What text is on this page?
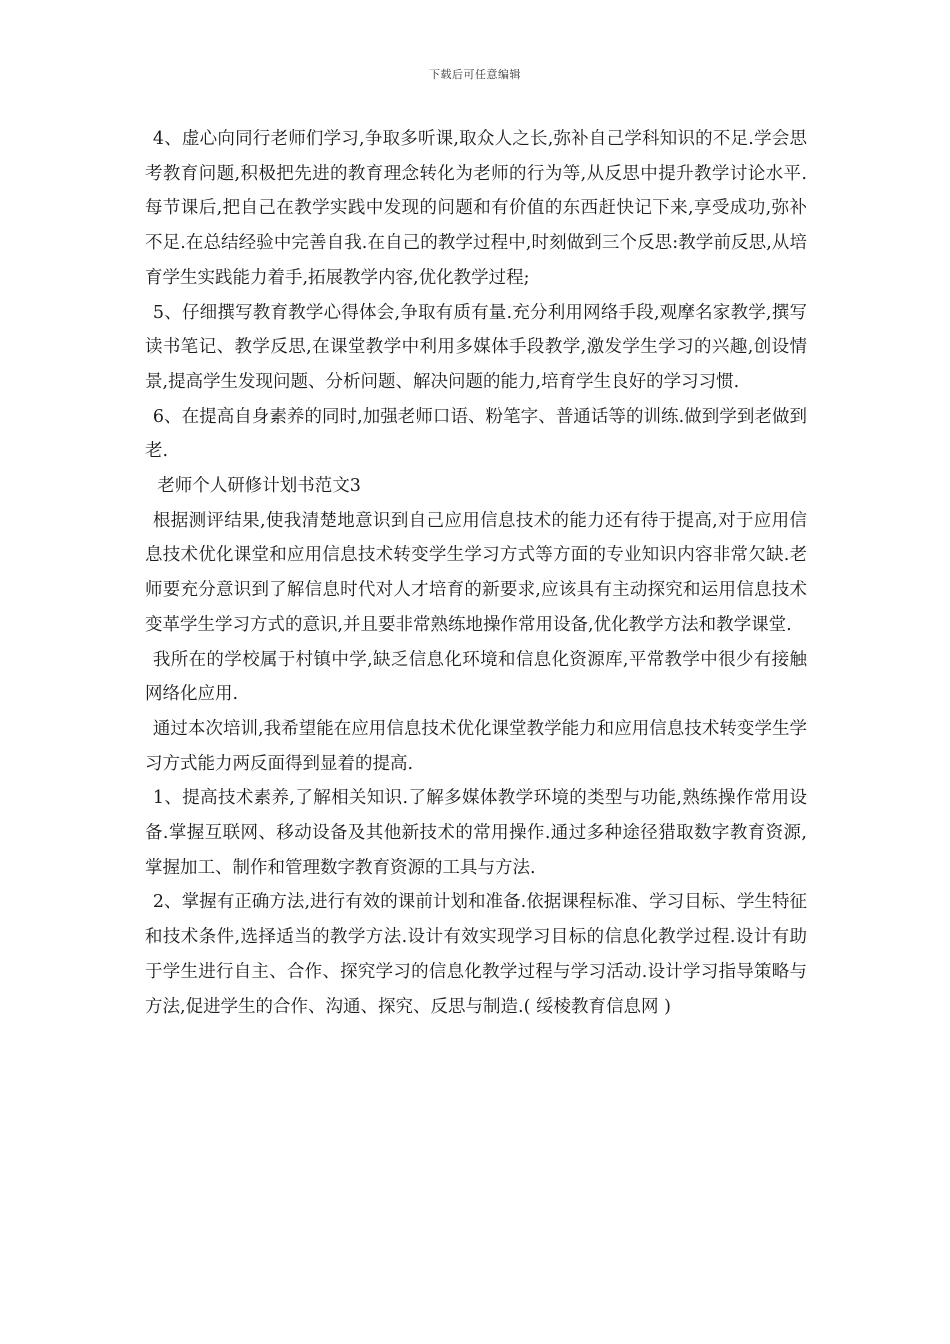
下载后可任意编辑

4、虚心向同行老师们学习,争取多听课,取众人之长,弥补自己学科知识的不足.学会思考教育问题,积极把先进的教育理念转化为老师的行为等,从反思中提升教学讨论水平.每节课后,把自己在教学实践中发现的问题和有价值的东西赶快记下来,享受成功,弥补不足.在总结经验中完善自我.在自己的教学过程中,时刻做到三个反思:教学前反思,从培育学生实践能力着手,拓展教学内容,优化教学过程;

5、仔细撰写教育教学心得体会,争取有质有量.充分利用网络手段,观摩名家教学,撰写读书笔记、教学反思,在课堂教学中利用多媒体手段教学,激发学生学习的兴趣,创设情景,提高学生发现问题、分析问题、解决问题的能力,培育学生良好的学习习惯.

6、在提高自身素养的同时,加强老师口语、粉笔字、普通话等的训练.做到学到老做到老.

老师个人研修计划书范文3

根据测评结果,使我清楚地意识到自己应用信息技术的能力还有待于提高,对于应用信息技术优化课堂和应用信息技术转变学生学习方式等方面的专业知识内容非常欠缺.老师要充分意识到了解信息时代对人才培育的新要求,应该具有主动探究和运用信息技术变革学生学习方式的意识,并且要非常熟练地操作常用设备,优化教学方法和教学课堂.

我所在的学校属于村镇中学,缺乏信息化环境和信息化资源库,平常教学中很少有接触网络化应用.

通过本次培训,我希望能在应用信息技术优化课堂教学能力和应用信息技术转变学生学习方式能力两反面得到显着的提高.

1、提高技术素养,了解相关知识.了解多媒体教学环境的类型与功能,熟练操作常用设备.掌握互联网、移动设备及其他新技术的常用操作.通过多种途径猎取数字教育资源,掌握加工、制作和管理数字教育资源的工具与方法.

2、掌握有正确方法,进行有效的课前计划和准备.依据课程标准、学习目标、学生特征和技术条件,选择适当的教学方法.设计有效实现学习目标的信息化教学过程.设计有助于学生进行自主、合作、探究学习的信息化教学过程与学习活动.设计学习指导策略与方法,促进学生的合作、沟通、探究、反思与制造.( 绥棱教育信息网 )
